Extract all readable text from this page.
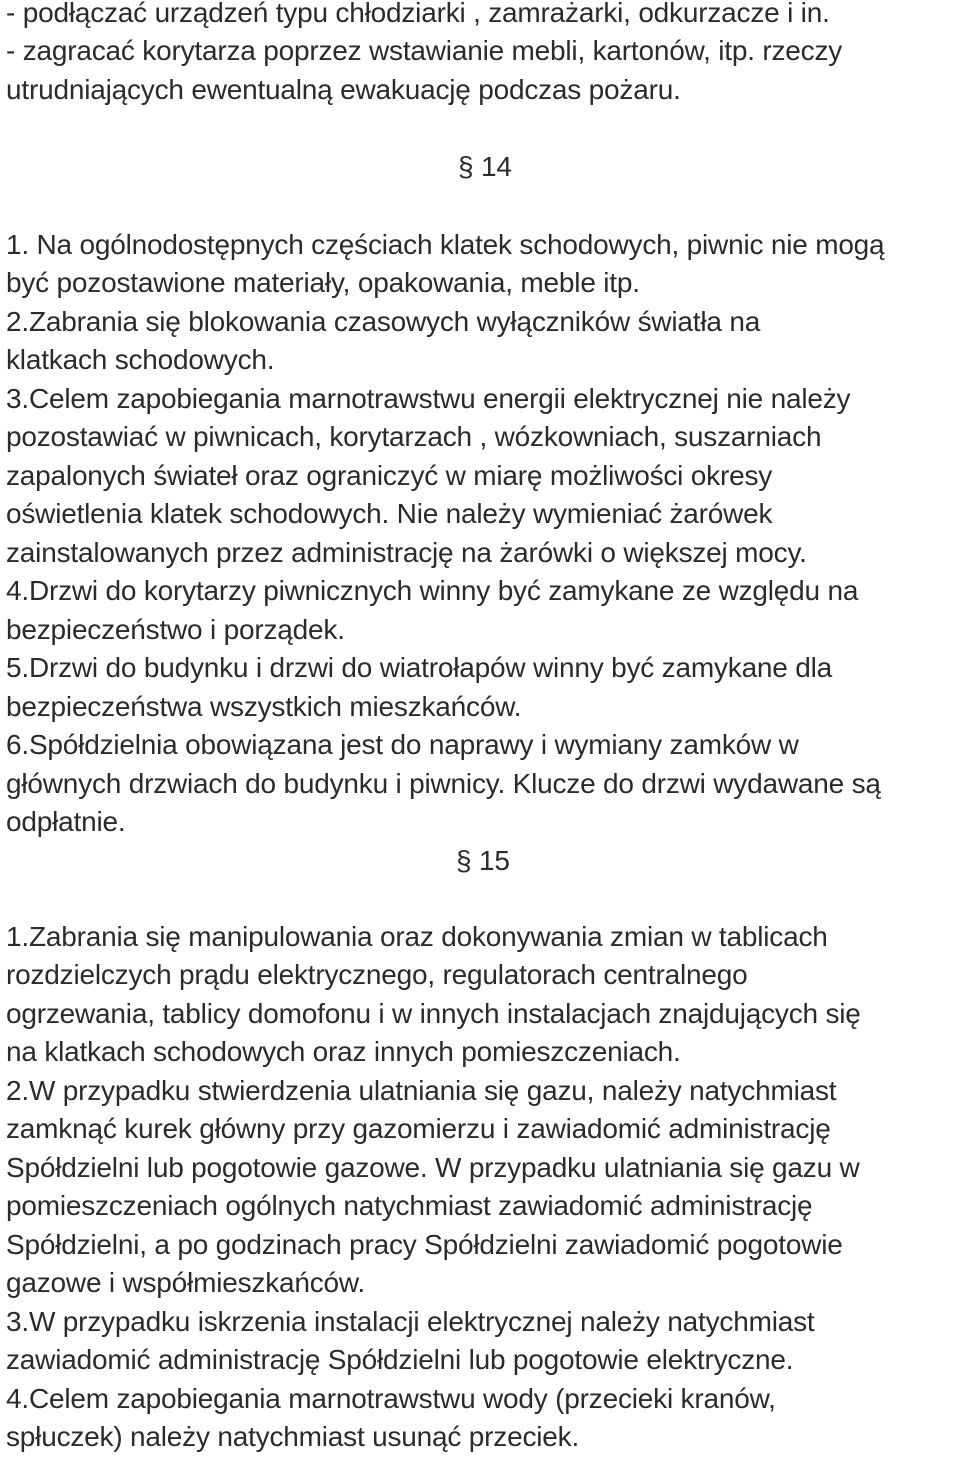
- podłączać urządzeń typu chłodziarki , zamrażarki, odkurzacze i in.
- zagracać korytarza poprzez wstawianie mebli, kartonów, itp. rzeczy
utrudniających ewentualną ewakuację podczas pożaru.
§ 14
1. Na ogólnodostępnych częściach klatek schodowych, piwnic nie mogą
być pozostawione materiały, opakowania, meble itp.
2.Zabrania się blokowania czasowych wyłączników światła na
klatkach schodowych.
3.Celem zapobiegania marnotrawstwu energii elektrycznej nie należy
pozostawiać w piwnicach, korytarzach , wózkowniach, suszarniach
zapalonych świateł oraz ograniczyć w miarę możliwości okresy
oświetlenia klatek schodowych. Nie należy wymieniać żarówek
zainstalowanych przez administrację na żarówki o większej mocy.
4.Drzwi do korytarzy piwnicznych winny być zamykane ze względu na
bezpieczeństwo i porządek.
5.Drzwi do budynku i drzwi do wiatrołapów winny być zamykane dla
bezpieczeństwa wszystkich mieszkańców.
6.Spółdzielnia obowiązana jest do naprawy i wymiany zamków w
głównych drzwiach do budynku i piwnicy. Klucze do drzwi wydawane są
odpłatnie.
§ 15
1.Zabrania się manipulowania oraz dokonywania zmian w tablicach
rozdzielczych prądu elektrycznego, regulatorach centralnego
ogrzewania, tablicy domofonu i w innych instalacjach znajdujących się
na klatkach schodowych oraz innych pomieszczeniach.
2.W przypadku stwierdzenia ulatniania się gazu, należy natychmiast
zamknąć kurek główny przy gazomierzu i zawiadomić administrację
Spółdzielni lub pogotowie gazowe. W przypadku ulatniania się gazu w
pomieszczeniach ogólnych natychmiast zawiadomić administrację
Spółdzielni, a po godzinach pracy Spółdzielni zawiadomić pogotowie
gazowe i współmieszkańców.
3.W przypadku iskrzenia instalacji elektrycznej należy natychmiast
zawiadomić administrację Spółdzielni lub pogotowie elektryczne.
4.Celem zapobiegania marnotrawstwu wody (przecieki kranów,
spłuczek) należy natychmiast usunąć przeciek.
